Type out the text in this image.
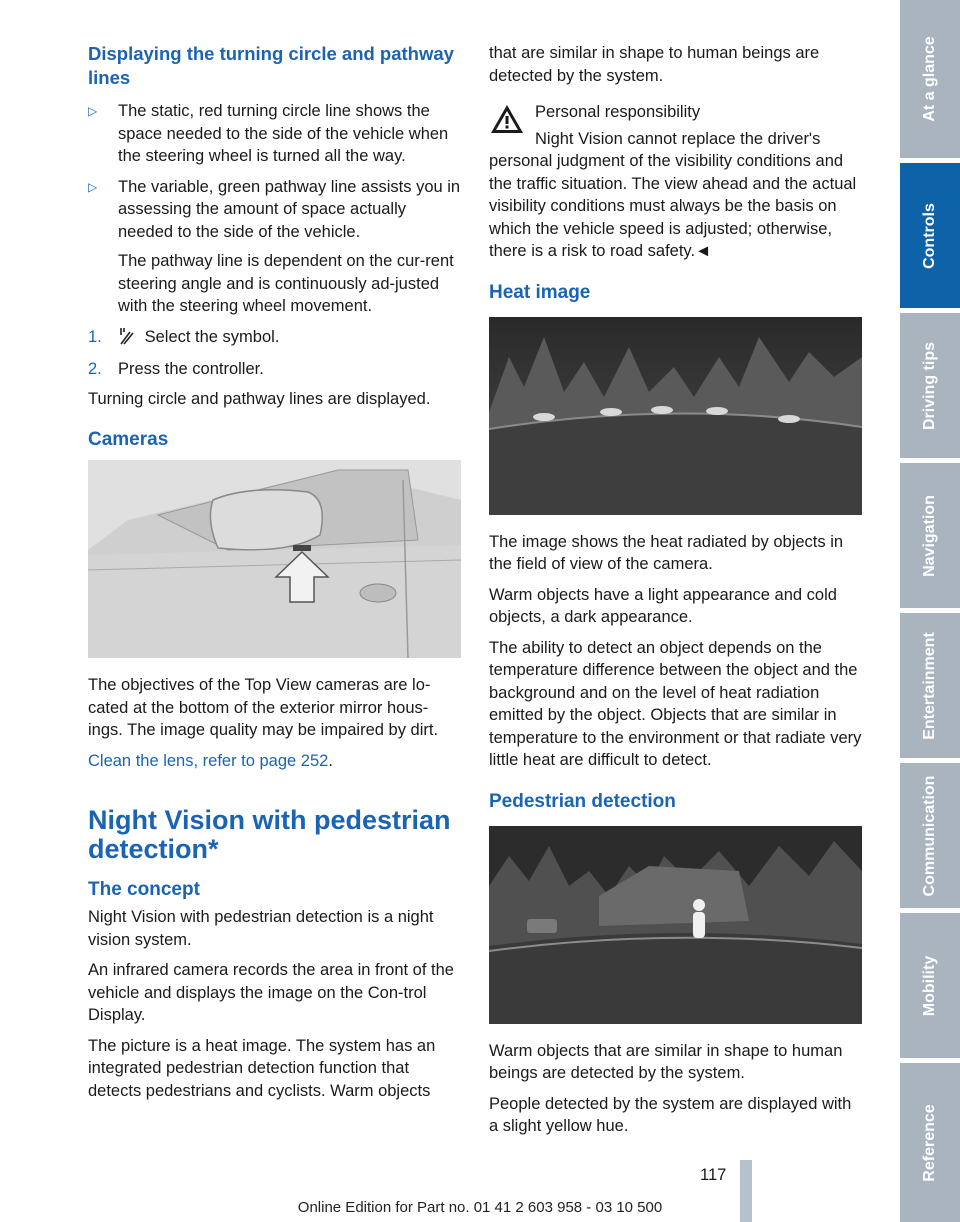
Displaying the turning circle and pathway lines
▷ The static, red turning circle line shows the space needed to the side of the vehicle when the steering wheel is turned all the way.
▷ The variable, green pathway line assists you in assessing the amount of space actually needed to the side of the vehicle.
The pathway line is dependent on the cur-rent steering angle and is continuously ad-justed with the steering wheel movement.
1.	Select the symbol.
2. Press the controller.

Turning circle and pathway lines are displayed.

Cameras

The objectives of the Top View cameras are lo-cated at the bottom of the exterior mirror hous-ings. The image quality may be impaired by dirt.

Clean the lens, refer to page 252.

Night Vision with pedestrian detection*
The concept

Night Vision with pedestrian detection is a night vision system.

An infrared camera records the area in front of the vehicle and displays the image on the Con-trol Display.

The picture is a heat image. The system has an integrated pedestrian detection function that detects pedestrians and cyclists. Warm objects

that are similar in shape to human beings are detected by the system.

Personal responsibility

Night Vision cannot replace the driver's personal judgment of the visibility conditions and the traffic situation. The view ahead and the actual visibility conditions must always be the basis on which the vehicle speed is adjusted; otherwise, there is a risk to road safety.◄

Heat image

The image shows the heat radiated by objects in the field of view of the camera.

Warm objects have a light appearance and cold objects, a dark appearance.

The ability to detect an object depends on the temperature difference between the object and the background and on the level of heat radiation emitted by the object. Objects that are similar in temperature to the environment or that radiate very little heat are difficult to detect.

Pedestrian detection

Warm objects that are similar in shape to human beings are detected by the system.

People detected by the system are displayed with a slight yellow hue.

At a glance
Controls
Driving tips
Navigation
Entertainment
Communication
Mobility
Reference
117
Online Edition for Part no. 01 41 2 603 958 - 03 10 500
